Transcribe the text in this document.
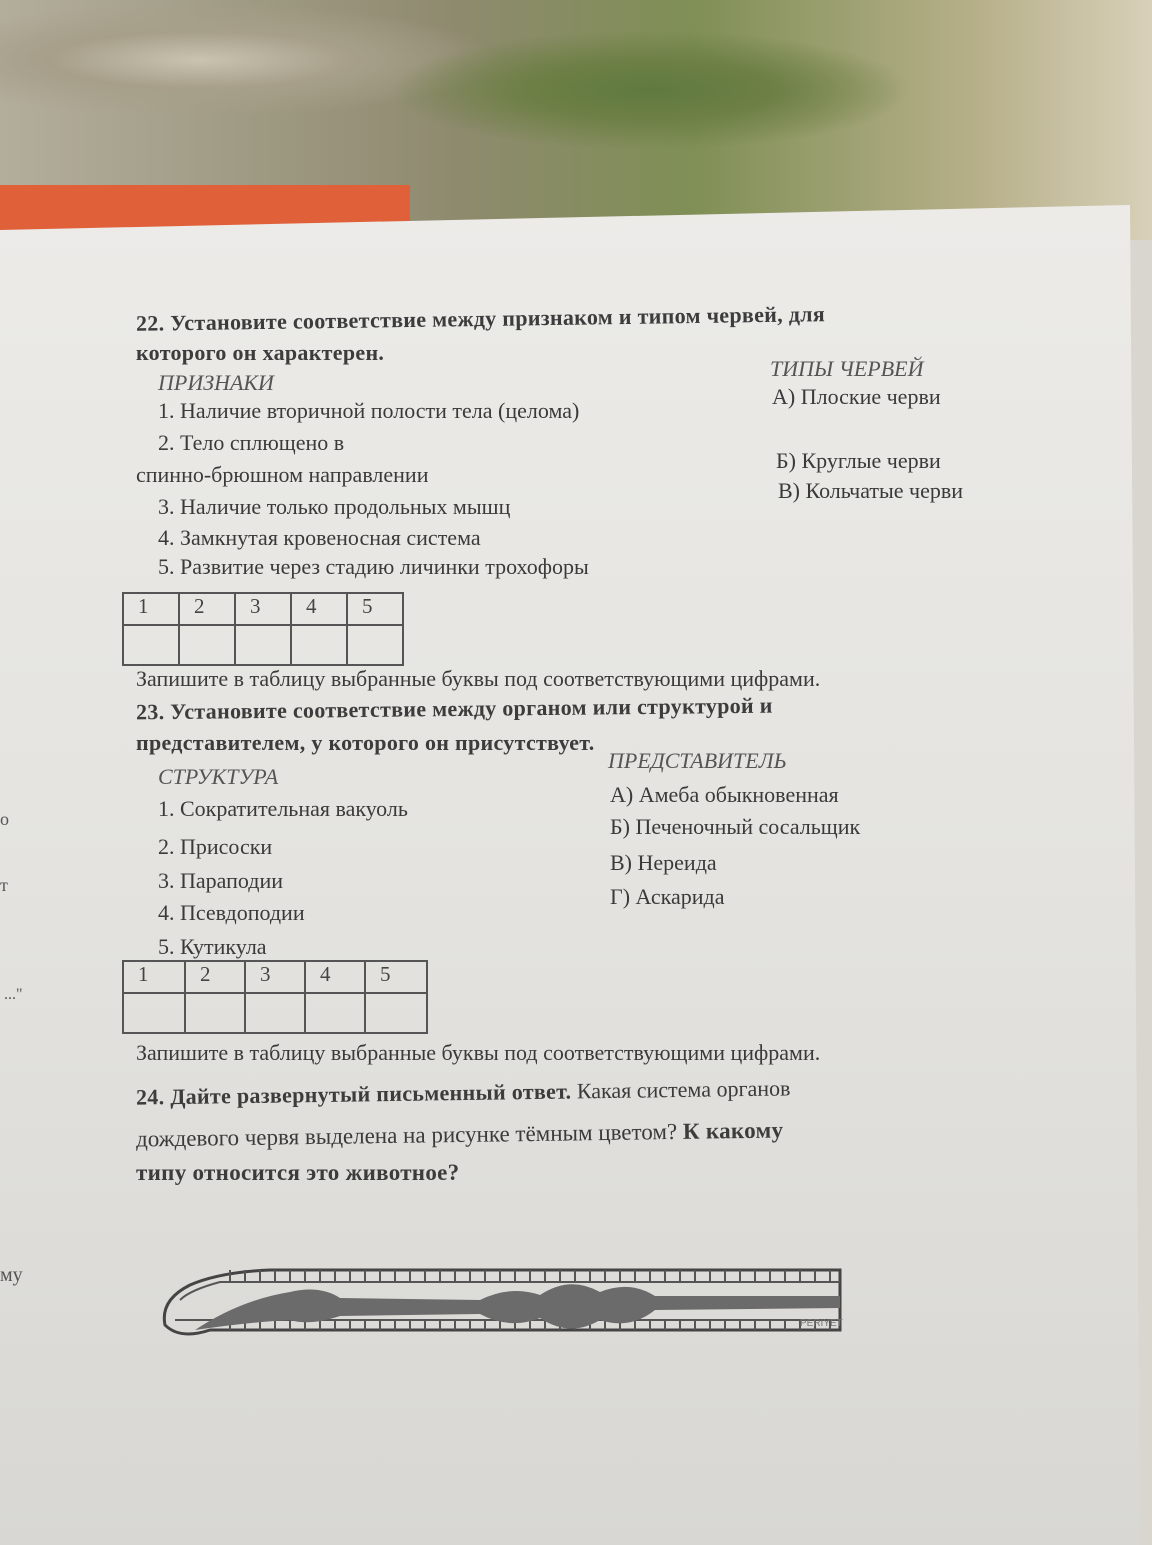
о
т
..."
му
22. Установите соответствие между признаком и типом червей, для
которого он характерен.
ПРИЗНАКИ
ТИПЫ ЧЕРВЕЙ
1. Наличие вторичной полости тела (целома)
2. Тело сплющено в
спинно-брюшном направлении
3. Наличие только продольных мышц
4. Замкнутая кровеносная система
5. Развитие через стадию личинки трохофоры
А) Плоские черви
Б) Круглые черви
В) Кольчатые черви
1	2	3	4	5

Запишите в таблицу выбранные буквы под соответствующими цифрами.
23. Установите соответствие между органом или структурой и
представителем, у которого он присутствует.
СТРУКТУРА
ПРЕДСТАВИТЕЛЬ
1. Сократительная вакуоль
2. Присоски
3. Параподии
4. Псевдоподии
5. Кутикула
А) Амеба обыкновенная
Б) Печеночный сосальщик
В) Нереида
Г) Аскарида
1	2	3	4	5

Запишите в таблицу выбранные буквы под соответствующими цифрами.
24. Дайте развернутый письменный ответ. Какая система органов
дождевого червя выделена на рисунке тёмным цветом? К какому
типу относится это животное?
PERIYET
